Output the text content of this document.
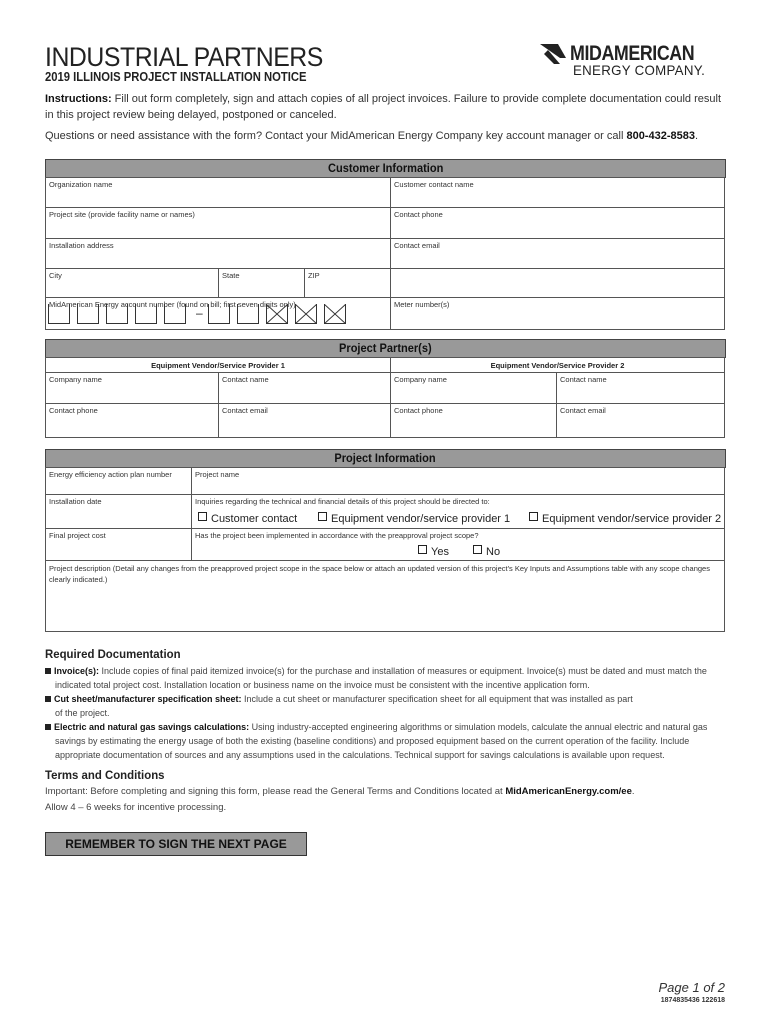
INDUSTRIAL PARTNERS
2019 ILLINOIS PROJECT INSTALLATION NOTICE
MIDAMERICAN
ENERGY COMPANY.
Instructions: Fill out form completely, sign and attach copies of all project invoices. Failure to provide complete documentation could result in this project review being delayed, postponed or canceled.
Questions or need assistance with the form? Contact your MidAmerican Energy Company key account manager or call 800-432-8583.
Customer Information
Organization name	Customer contact name
Project site (provide facility name or names)	Contact phone
Installation address	Contact email
City	State	ZIP
MidAmerican Energy account number (found on bill; first seven digits only)	Meter number(s)
–
Project Partner(s)
Equipment Vendor/Service Provider 1	Equipment Vendor/Service Provider 2
Company name	Contact name	Company name	Contact name
Contact phone	Contact email	Contact phone	Contact email
Project Information
Energy efficiency action plan number	Project name
Installation date	Inquiries regarding the technical and financial details of this project should be directed to:
Customer contact	Equipment vendor/service provider 1	Equipment vendor/service provider 2
Final project cost	Has the project been implemented in accordance with the preapproval project scope?
Yes	No
Project description (Detail any changes from the preapproved project scope in the space below or attach an updated version of this project's Key Inputs and Assumptions table with any scope changes clearly indicated.)
Required Documentation
Invoice(s): Include copies of final paid itemized invoice(s) for the purchase and installation of measures or equipment. Invoice(s) must be dated and must match the
indicated total project cost. Installation location or business name on the invoice must be consistent with the incentive application form.
Cut sheet/manufacturer specification sheet: Include a cut sheet or manufacturer specification sheet for all equipment that was installed as part
of the project.
Electric and natural gas savings calculations: Using industry-accepted engineering algorithms or simulation models, calculate the annual electric and natural gas
savings by estimating the energy usage of both the existing (baseline conditions) and proposed equipment based on the current operation of the facility. Include
appropriate documentation of sources and any assumptions used in the calculations. Technical support for savings calculations is available upon request.
Terms and Conditions
Important: Before completing and signing this form, please read the General Terms and Conditions located at MidAmericanEnergy.com/ee.
Allow 4 – 6 weeks for incentive processing.
REMEMBER TO SIGN THE NEXT PAGE
Page 1 of 2
1874835436 122618
